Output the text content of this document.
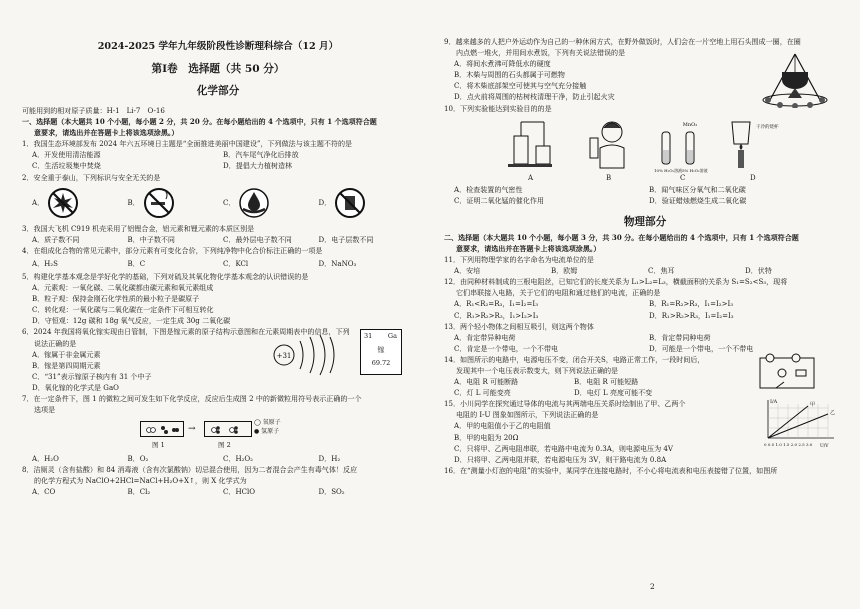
2024-2025 学年九年级阶段性诊断理科综合（12 月）
第Ⅰ卷　选择题（共 50 分）
化学部分
可能用到的相对原子质量：H-1　Li-7　O-16
一、选择题（本大题共 10 个小题，每小题 2 分，共 20 分。在每小题给出的 4 个选项中，只有 1 个选项符合题
意要求，请选出并在答题卡上将该选项涂黑。）
1．我国生态环境部发布 2024 年六五环境日主题是“全面推进美丽中国建设”，下列做法与该主题不符的是
A．开发使用清洁能源	B．汽车尾气净化后排放
C．生活垃圾集中焚烧	D．提倡大力植树造林
2．安全重于泰山，下列标识与安全无关的是
A．	B．	C．	D．
3．我国大飞机 C919 机壳采用了铝锂合金，铝元素和锂元素的本质区别是
A．质子数不同	B．中子数不同	C．最外层电子数不同	D．电子层数不同
4．在组成化合物的常见元素中，部分元素有可变化合价，下列纯净物中化合价标注正确的一项是
A．H₂S	B．C	C．KCl	D．NaNO₃
5．构建化学基本观念是学好化学的基础，下列对硫及其氧化物化学基本观念的认识错误的是
A．元素观：一氧化碳、二氧化碳都由碳元素和氧元素组成
B．粒子观：保持金刚石化学性质的最小粒子是碳原子
C．转化观：一氧化碳与二氧化碳在一定条件下可相互转化
D．守恒观：12g 碳和 18g 氧气反应，一定生成 30g 二氧化碳
6．2024 年我国将氧化镓实现由日管制，下图是镓元素的原子结构示意图和在元素周期表中的信息，下列
说法正确的是
A．镓属于非金属元素
B．镓是第四周期元素
C．“31”表示镓原子核内有 31 个中子
D．氧化镓的化学式是 GaO
+31
31 Ga
镓
69.72
7．在一定条件下，图 1 的微粒之间可发生如下化学反应，反应后生成图 2 中的新微粒用符号表示正确的一个
选项是
→
◯ 氧原子
● 氢原子
图 1	图 2
A．H₂O	B．O₂	C．H₂O₂	D．H₂
8．洁厕灵（含有盐酸）和 84 消毒液（含有次氯酸钠）切忌混合使用，因为二者混合会产生有毒气体！反应
的化学方程式为 NaClO+2HCl=NaCl+H₂O+X↑，则 X 化学式为
A．CO	B．Cl₂	C．HClO	D．SO₂
9．越来越多的人把户外运动作为自己的一种休闲方式，在野外做饭时，人们会在一片空地上用石头围成一圈，在圈
内点燃一堆火，并用间水煮饭，下列有关说法错误的是
A．将间水煮沸可降低水的硬度
B．木柴与周围的石头都属于可燃物
C．将木柴底部架空可使其与空气充分接触
D．点火前将周围的枯树枝清理干净，防止引起火灾
10．下列实验能达到实验目的的是
MnO₂
10% H₂O₂溶液 5% H₂O₂溶液
干冷的烧杯
A	B	C	D
A．检查装置的气密性	B．闻气味区分氧气和二氧化碳
C．证明二氧化锰的催化作用	D．验证蜡烛燃烧生成二氧化碳
物理部分
二、选择题（本大题共 10 个小题，每小题 3 分，共 30 分。在每小题给出的 4 个选项中，只有 1 个选项符合题
意要求，请选出并在答题卡上将该选项涂黑。）
11．下列用物理学家的名字命名为电流单位的是
A．安培	B．欧姆	C．焦耳	D．伏特
12．由同种材料制成的三根电阻丝，已知它们的长度关系为 L₁>L₂=L₃，横截面积的关系为 S₁=S₂<S₃，现将
它们串联接入电路，关于它们的电阻和通过他们的电流，正确的是
A．R₁<R₂=R₃，I₁=I₂=I₃	B．R₁=R₂>R₃，I₁=I₂>I₃
C．R₁>R₂>R₃，I₁>I₂>I₃	D．R₁>R₂>R₃，I₁=I₂=I₃
13．两个轻小物体之间相互吸引，则这两个物体
A．肯定带异种电荷	B．肯定带同种电荷
C．肯定是一个带电，一个不带电	D．可能是一个带电，一个不带电
14．如图所示的电路中，电源电压不变，闭合开关S，电路正常工作，一段时间后，
发现其中一个电压表示数变大，则下列说法正确的是
A．电阻 R 可能断路	B．电阻 R 可能短路
C．灯 L 可能变亮	D．电灯 L 亮度可能不变
15．小川同学在探究通过导体的电流与其两端电压关系时绘制出了甲、乙两个
电阻的 I-U 图象如图所示，下列说法正确的是
A．甲的电阻值小于乙的电阻值
B．甲的电阻为 20Ω
C．只将甲、乙两电阻串联，若电路中电流为 0.3A，则电源电压为 4V
D．只将甲、乙两电阻并联，若电源电压为 3V，则干路电流为 0.8A
I/A
U/V
0 0.5 1.0 1.5 2.0 2.5 3.0
甲
乙
16．在“测量小灯泡的电阻”的实验中，某同学在连接电路时，不小心将电流表和电压表接错了位置，如图所
2
